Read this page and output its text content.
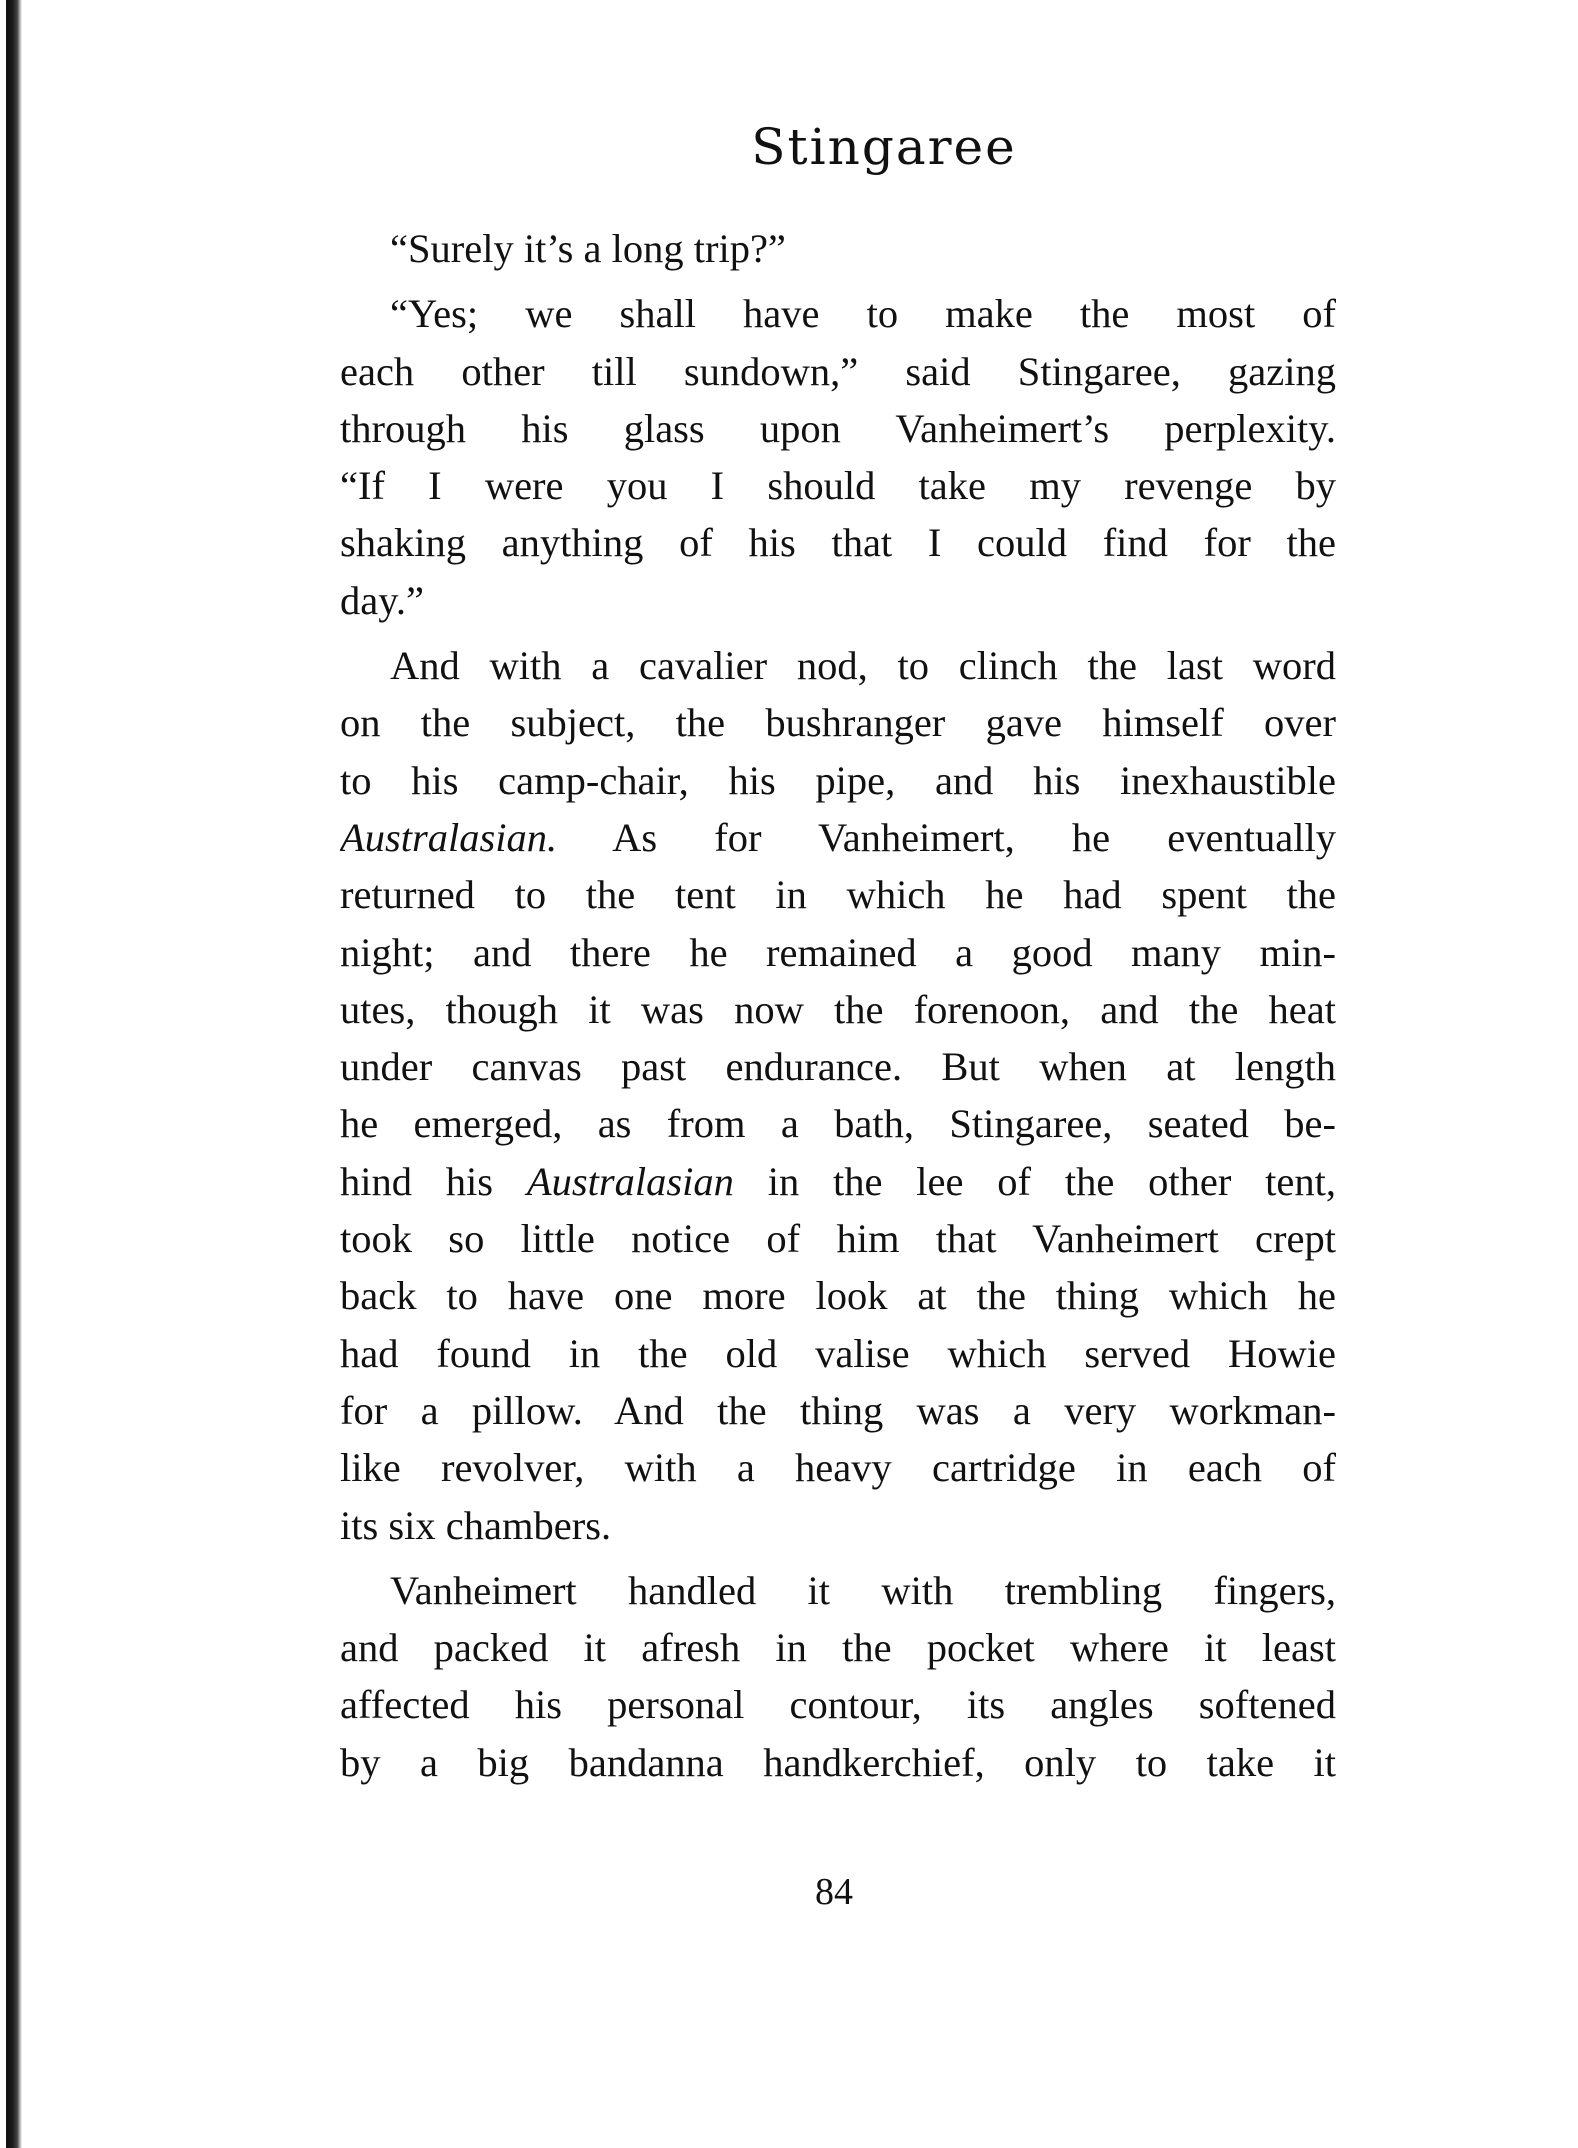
Stingaree
“Surely it’s a long trip?”
“Yes; we shall have to make the most of
each other till sundown,” said Stingaree, gazing
through his glass upon Vanheimert’s perplexity.
“If I were you I should take my revenge by
shaking anything of his that I could find for the
day.”
And with a cavalier nod, to clinch the last word
on the subject, the bushranger gave himself over
to his camp-chair, his pipe, and his inexhaustible
Australasian. As for Vanheimert, he eventually
returned to the tent in which he had spent the
night; and there he remained a good many min-
utes, though it was now the forenoon, and the heat
under canvas past endurance. But when at length
he emerged, as from a bath, Stingaree, seated be-
hind his Australasian in the lee of the other tent,
took so little notice of him that Vanheimert crept
back to have one more look at the thing which he
had found in the old valise which served Howie
for a pillow. And the thing was a very workman-
like revolver, with a heavy cartridge in each of
its six chambers.
Vanheimert handled it with trembling fingers,
and packed it afresh in the pocket where it least
affected his personal contour, its angles softened
by a big bandanna handkerchief, only to take it
84
